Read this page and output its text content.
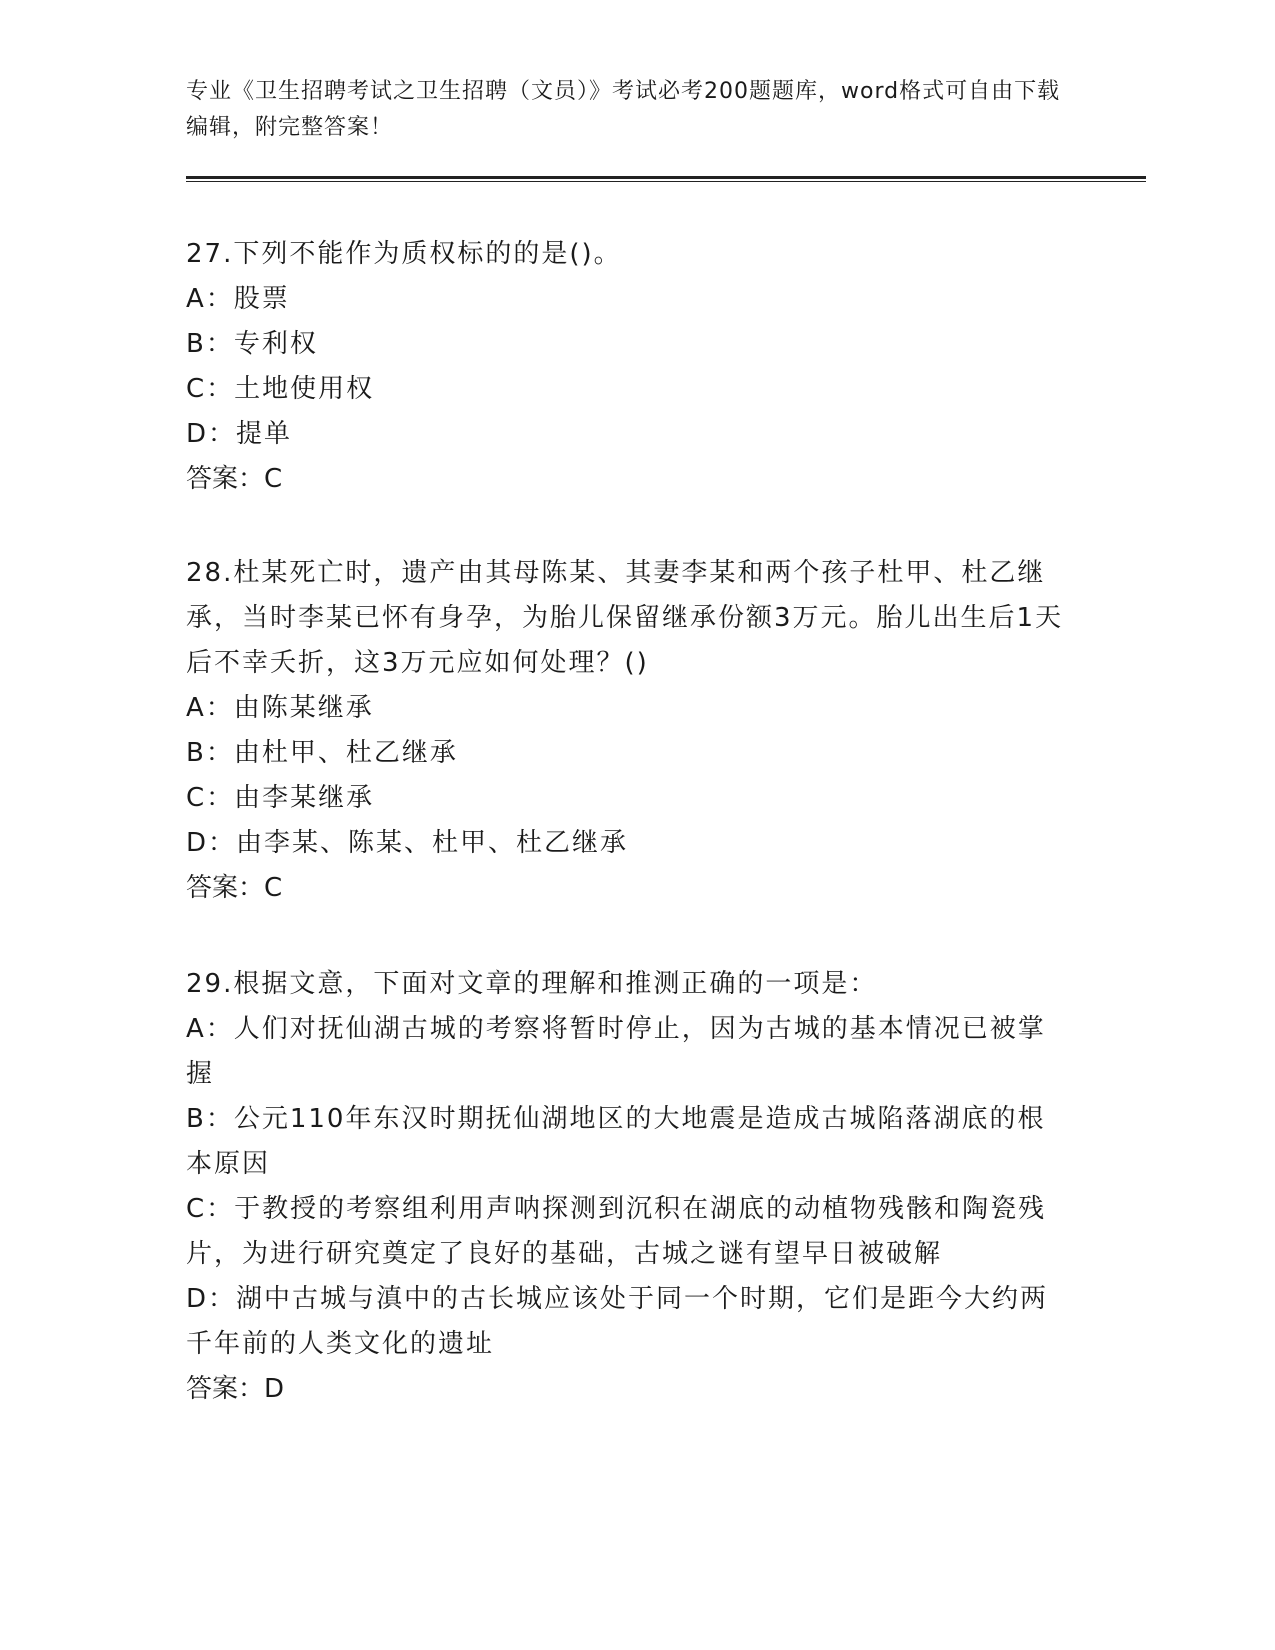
专业《卫生招聘考试之卫生招聘（文员）》考试必考200题题库，word格式可自由下载编辑，附完整答案！

27.下列不能作为质权标的的是()。

A：股票

B：专利权

C：土地使用权

D：提单

答案：C

28.杜某死亡时，遗产由其母陈某、其妻李某和两个孩子杜甲、杜乙继承，当时李某已怀有身孕，为胎儿保留继承份额3万元。胎儿出生后1天后不幸夭折，这3万元应如何处理？()

A：由陈某继承

B：由杜甲、杜乙继承

C：由李某继承

D：由李某、陈某、杜甲、杜乙继承

答案：C

29.根据文意，下面对文章的理解和推测正确的一项是：

A：人们对抚仙湖古城的考察将暂时停止，因为古城的基本情况已被掌握

B：公元110年东汉时期抚仙湖地区的大地震是造成古城陷落湖底的根本原因

C：于教授的考察组利用声呐探测到沉积在湖底的动植物残骸和陶瓷残片，为进行研究奠定了良好的基础，古城之谜有望早日被破解

D：湖中古城与滇中的古长城应该处于同一个时期，它们是距今大约两千年前的人类文化的遗址

答案：D
